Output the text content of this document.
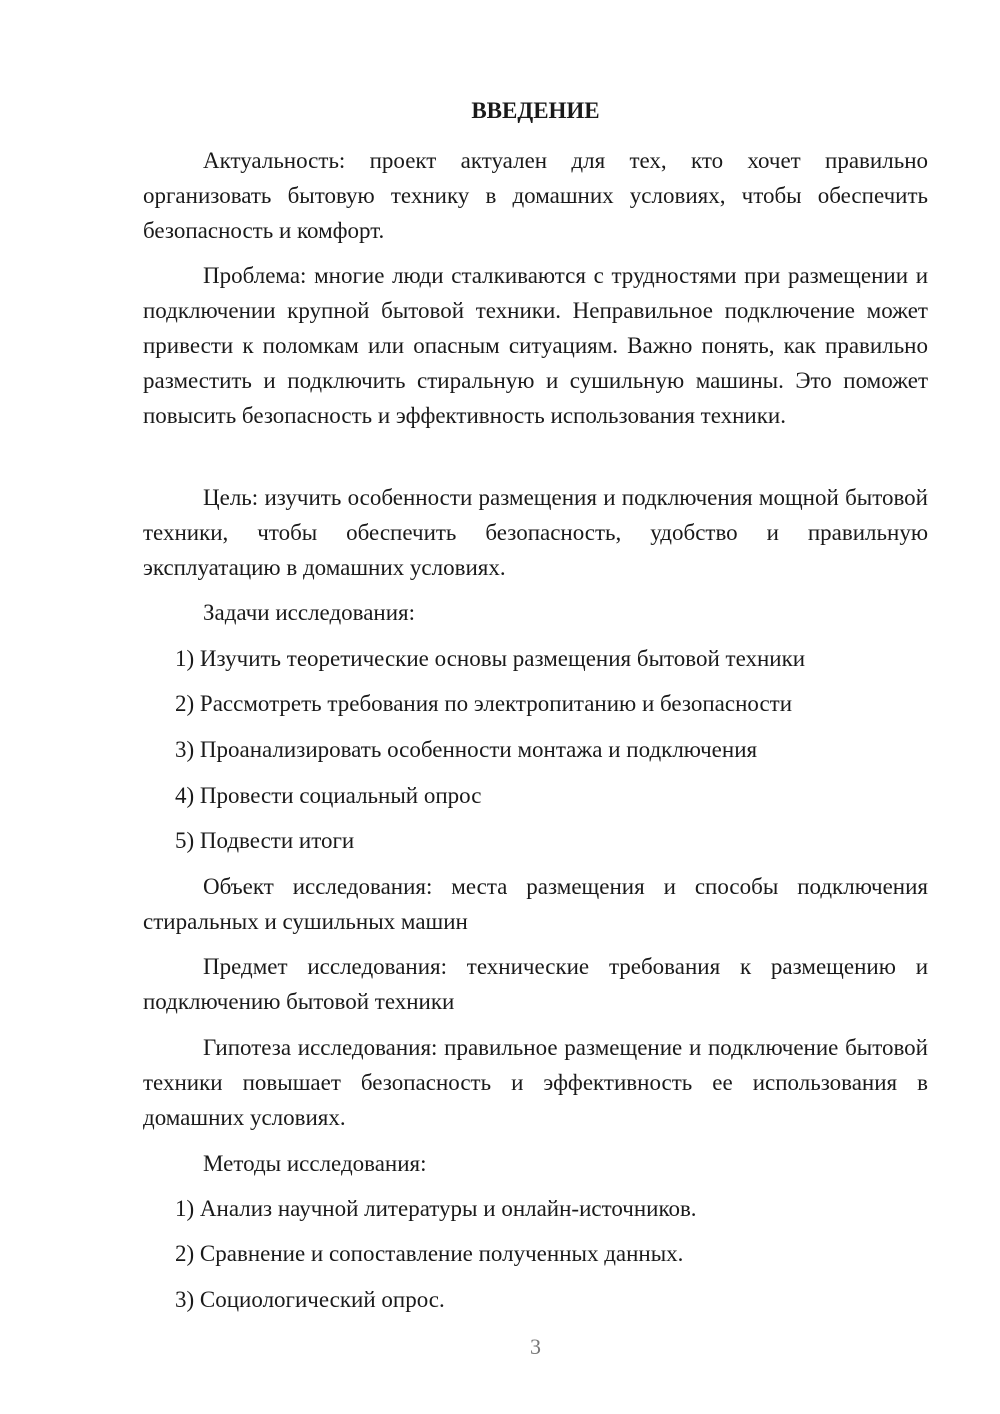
ВВЕДЕНИЕ

Актуальность: проект актуален для тех, кто хочет правильно организовать бытовую технику в домашних условиях, чтобы обеспечить безопасность и комфорт.

Проблема: многие люди сталкиваются с трудностями при размещении и подключении крупной бытовой техники. Неправильное подключение может привести к поломкам или опасным ситуациям. Важно понять, как правильно разместить и подключить стиральную и сушильную машины. Это поможет повысить безопасность и эффективность использования техники.

Цель: изучить особенности размещения и подключения мощной бытовой техники, чтобы обеспечить безопасность, удобство и правильную эксплуатацию в домашних условиях.

Задачи исследования:

1) Изучить теоретические основы размещения бытовой техники

2) Рассмотреть требования по электропитанию и безопасности

3) Проанализировать особенности монтажа и подключения

4) Провести социальный опрос

5) Подвести итоги

Объект исследования: места размещения и способы подключения стиральных и сушильных машин

Предмет исследования: технические требования к размещению и подключению бытовой техники

Гипотеза исследования: правильное размещение и подключение бытовой техники повышает безопасность и эффективность ее использования в домашних условиях.

Методы исследования:

1) Анализ научной литературы и онлайн-источников.

2) Сравнение и сопоставление полученных данных.

3) Социологический опрос.

3
